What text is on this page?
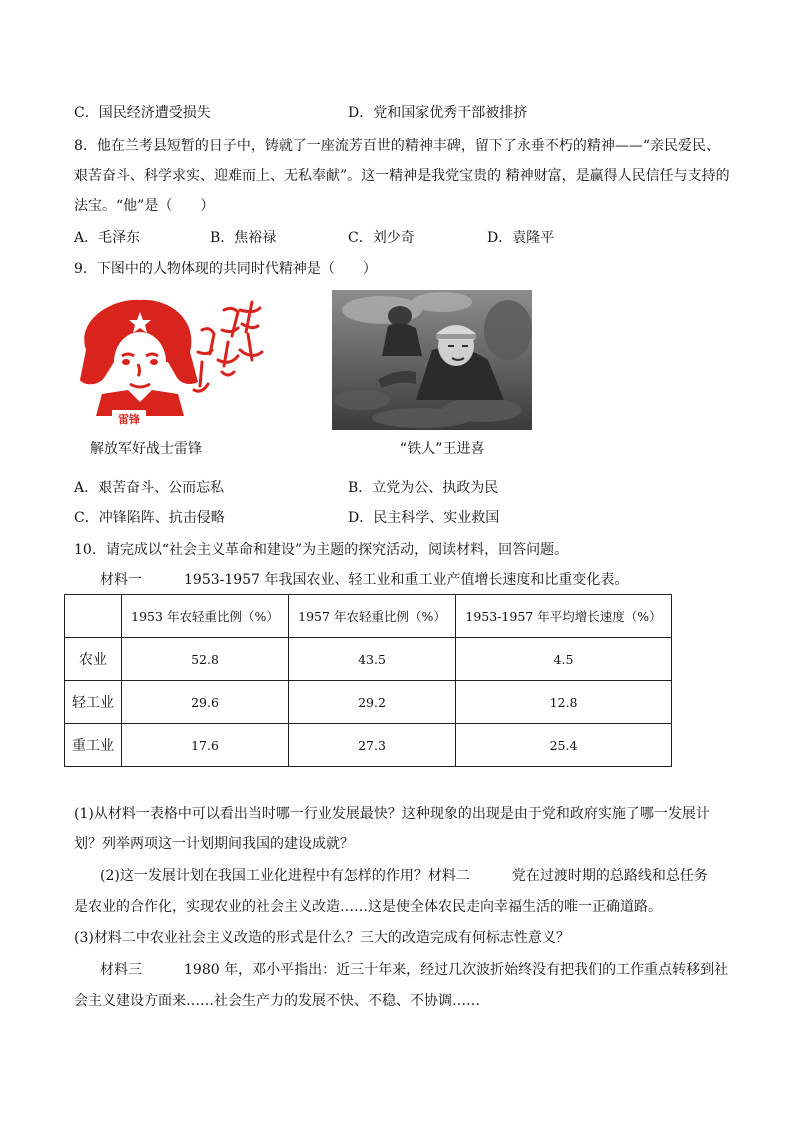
C．国民经济遭受损失	D．党和国家优秀干部被排挤
8．他在兰考县短暂的日子中，铸就了一座流芳百世的精神丰碑，留下了永垂不朽的精神——“亲民爱民、
艰苦奋斗、科学求实、迎难而上、无私奉献”。这一精神是我党宝贵的 精神财富，是赢得人民信任与支持的
法宝。“他”是（　　）
A．毛泽东	B．焦裕禄	C．刘少奇	D．袁隆平
9．下图中的人物体现的共同时代精神是（　　）
雷锋
解放军好战士雷锋	“铁人”王进喜
A．艰苦奋斗、公而忘私	B．立党为公、执政为民
C．冲锋陷阵、抗击侵略	D．民主科学、实业救国
10．请完成以“社会主义革命和建设”为主题的探究活动，阅读材料，回答问题。
材料一	1953-1957 年我国农业、轻工业和重工业产值增长速度和比重变化表。
	1953 年农轻重比例（%）	1957 年农轻重比例（%）	1953-1957 年平均增长速度（%）
农业	52.8	43.5	4.5
轻工业	29.6	29.2	12.8
重工业	17.6	27.3	25.4
(1)从材料一表格中可以看出当时哪一行业发展最快？这种现象的出现是由于党和政府实施了哪一发展计
划？列举两项这一计划期间我国的建设成就？
(2)这一发展计划在我国工业化进程中有怎样的作用？材料二　　　党在过渡时期的总路线和总任务
是农业的合作化，实现农业的社会主义改造……这是使全体农民走向幸福生活的唯一正确道路。
(3)材料二中农业社会主义改造的形式是什么？三大的改造完成有何标志性意义？
材料三　　　1980 年，邓小平指出：近三十年来，经过几次波折始终没有把我们的工作重点转移到社
会主义建设方面来……社会生产力的发展不快、不稳、不协调……
